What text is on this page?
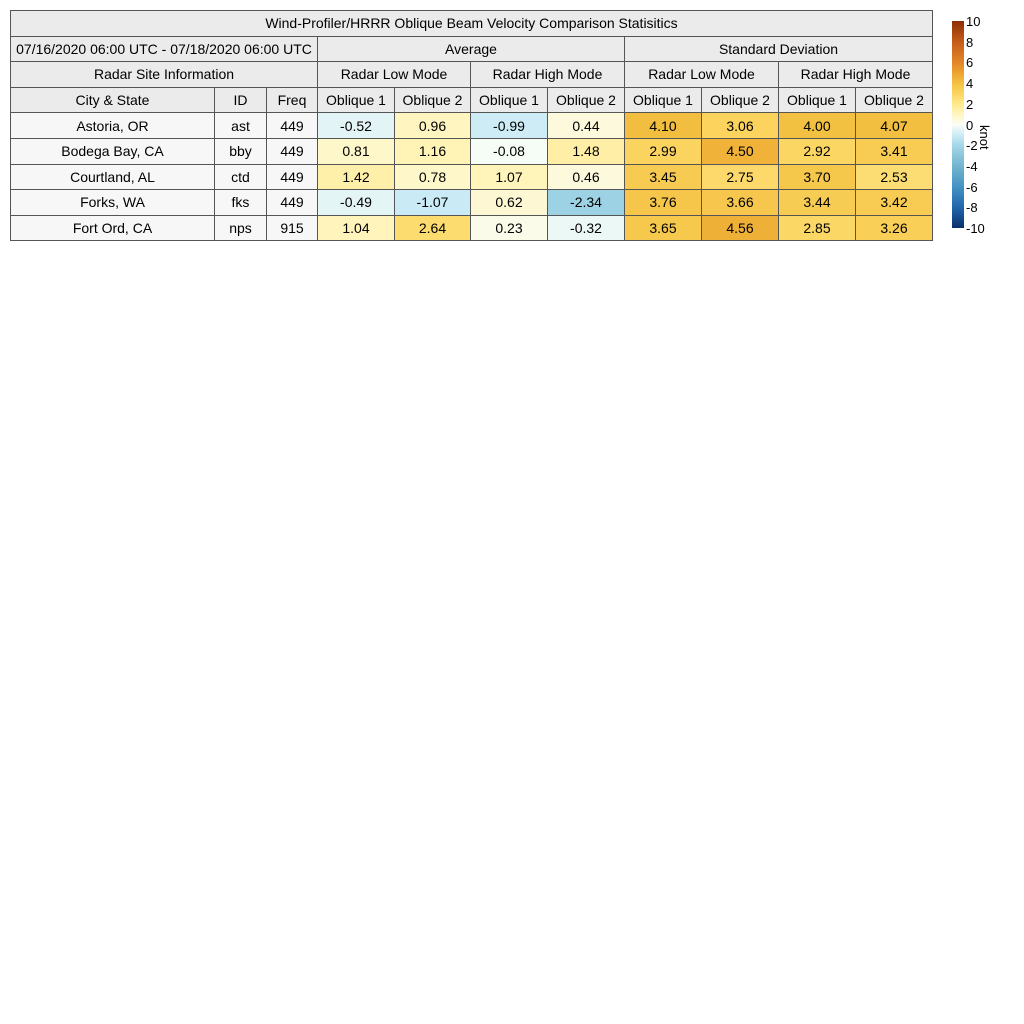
Wind-Profiler/HRRR Oblique Beam Velocity Comparison Statisitics										
07/16/2020 06:00 UTC - 07/18/2020 06:00 UTC			Average				Standard Deviation			
Radar Site Information			Radar Low Mode		Radar High Mode		Radar Low Mode		Radar High Mode	
City & State	ID	Freq	Oblique 1	Oblique 2	Oblique 1	Oblique 2	Oblique 1	Oblique 2	Oblique 1	Oblique 2
Astoria, OR	ast	449	-0.52	0.96	-0.99	0.44	4.10	3.06	4.00	4.07
Bodega Bay, CA	bby	449	0.81	1.16	-0.08	1.48	2.99	4.50	2.92	3.41
Courtland, AL	ctd	449	1.42	0.78	1.07	0.46	3.45	2.75	3.70	2.53
Forks, WA	fks	449	-0.49	-1.07	0.62	-2.34	3.76	3.66	3.44	3.42
Fort Ord, CA	nps	915	1.04	2.64	0.23	-0.32	3.65	4.56	2.85	3.26
10
8
6
4
2
0
-2
-4
-6
-8
-10
knot
